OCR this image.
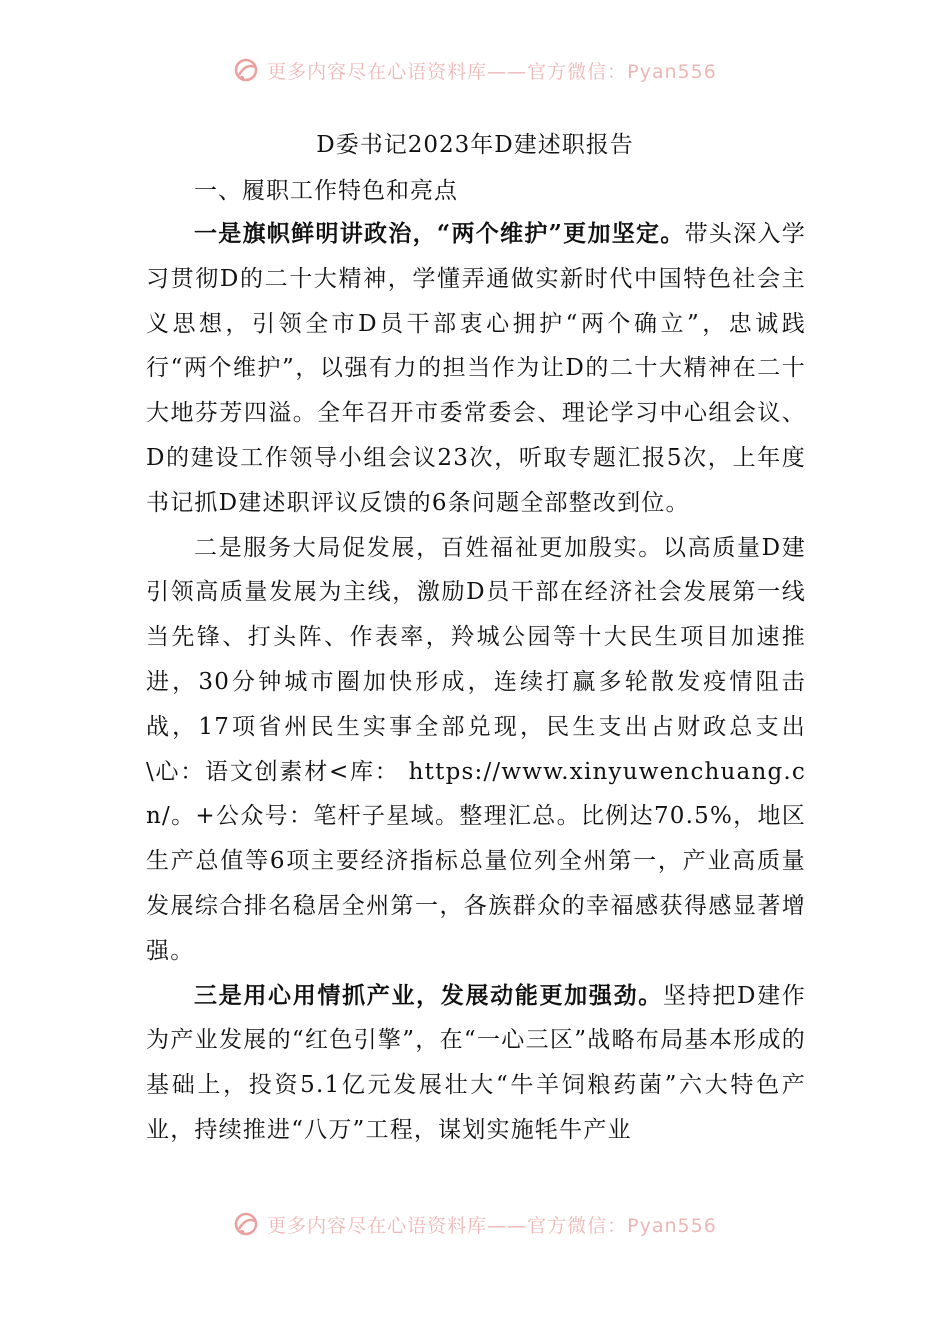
更多内容尽在心语资料库——官方微信：Pyan556
D委书记2023年D建述职报告
一、履职工作特色和亮点

一是旗帜鲜明讲政治，“两个维护”更加坚定。带头深入学习贯彻D的二十大精神，学懂弄通做实新时代中国特色社会主义思想，引领全市D员干部衷心拥护“两个确立”，忠诚践行“两个维护”，以强有力的担当作为让D的二十大精神在二十大地芬芳四溢。全年召开市委常委会、理论学习中心组会议、D的建设工作领导小组会议23次，听取专题汇报5次，上年度书记抓D建述职评议反馈的6条问题全部整改到位。

二是服务大局促发展，百姓福祉更加殷实。以高质量D建引领高质量发展为主线，激励D员干部在经济社会发展第一线当先锋、打头阵、作表率，羚城公园等十大民生项目加速推进，30分钟城市圈加快形成，连续打赢多轮散发疫情阻击战，17项省州民生实事全部兑现，民生支出占财政总支出\心：语文创素材<库： https://www.xinyuwenchuang.cn/。+公众号：笔杆子星域。整理汇总。比例达70.5%，地区生产总值等6项主要经济指标总量位列全州第一，产业高质量发展综合排名稳居全州第一，各族群众的幸福感获得感显著增强。

三是用心用情抓产业，发展动能更加强劲。坚持把D建作为产业发展的“红色引擎”，在“一心三区”战略布局基本形成的基础上，投资5.1亿元发展壮大“牛羊饲粮药菌”六大特色产业，持续推进“八万”工程，谋划实施牦牛产业

更多内容尽在心语资料库——官方微信：Pyan556
